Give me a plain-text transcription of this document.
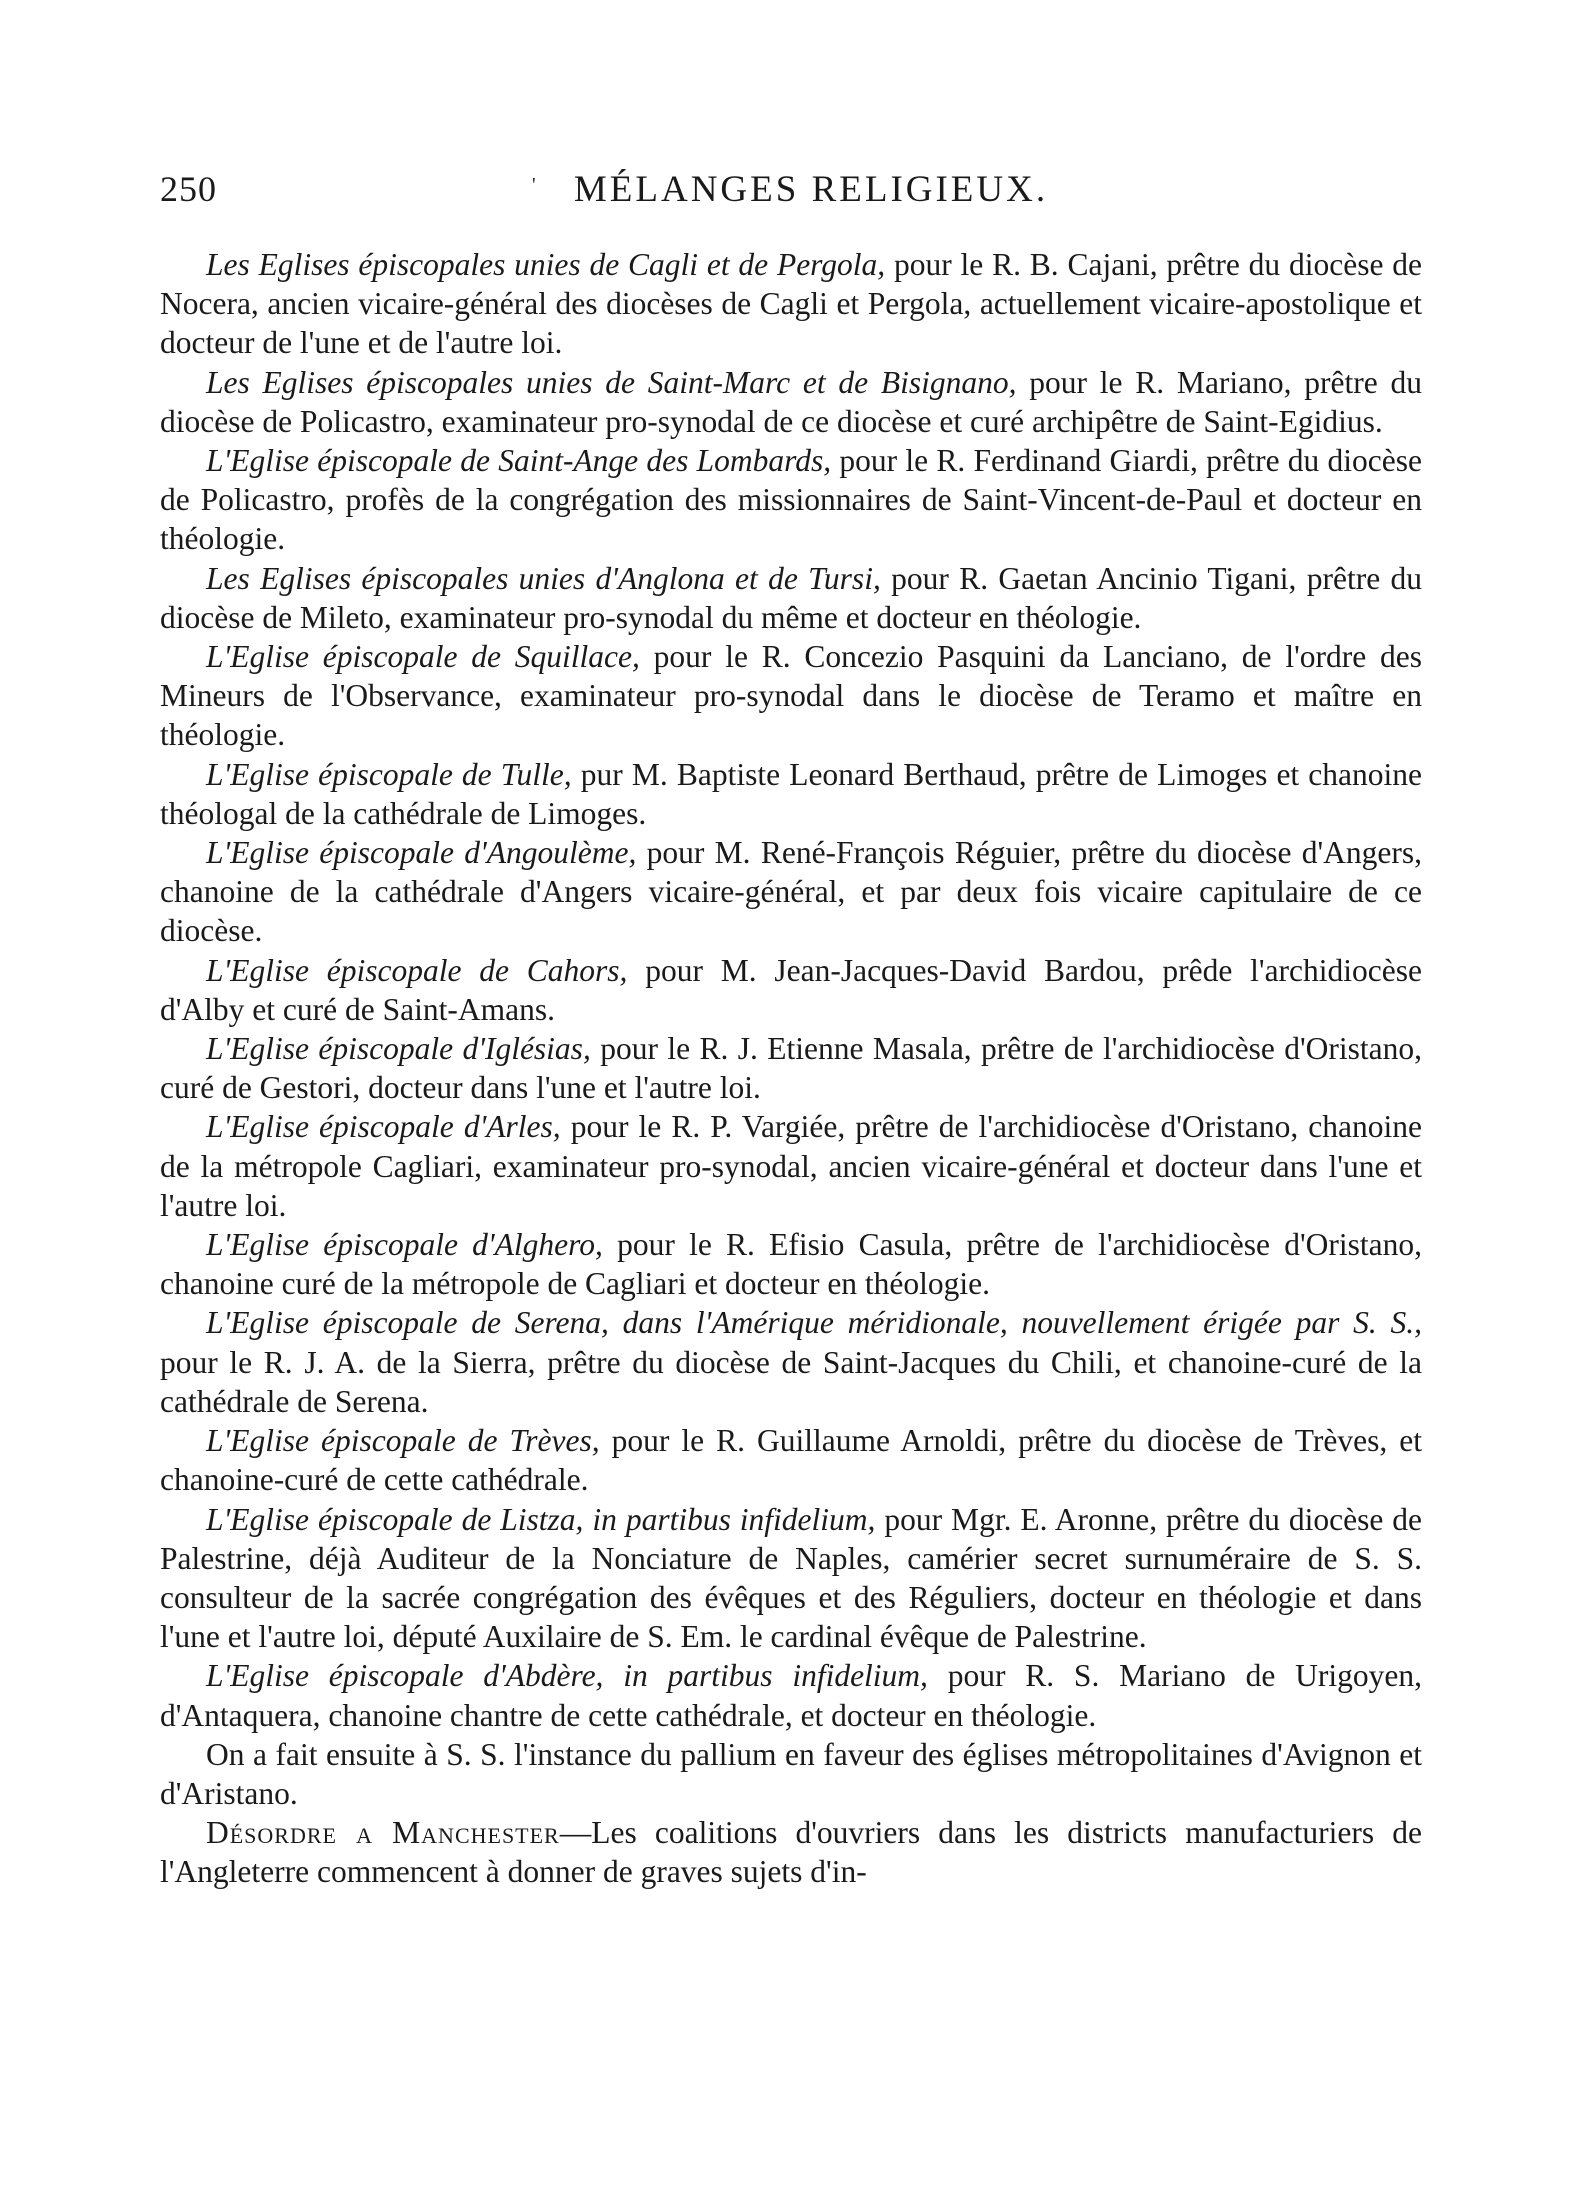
250	'	MÉLANGES RELIGIEUX.

Les Eglises épiscopales unies de Cagli et de Pergola, pour le R. B. Cajani, prêtre du diocèse de Nocera, ancien vicaire-général des diocèses de Cagli et Pergola, actuellement vicaire-apostolique et docteur de l'une et de l'autre loi.

Les Eglises épiscopales unies de Saint-Marc et de Bisignano, pour le R. Mariano, prêtre du diocèse de Policastro, examinateur pro-synodal de ce diocèse et curé archipêtre de Saint-Egidius.

L'Eglise épiscopale de Saint-Ange des Lombards, pour le R. Ferdinand Giardi, prêtre du diocèse de Policastro, profès de la congrégation des missionnaires de Saint-Vincent-de-Paul et docteur en théologie.

Les Eglises épiscopales unies d'Anglona et de Tursi, pour R. Gaetan Ancinio Tigani, prêtre du diocèse de Mileto, examinateur pro-synodal du même et docteur en théologie.

L'Eglise épiscopale de Squillace, pour le R. Concezio Pasquini da Lanciano, de l'ordre des Mineurs de l'Observance, examinateur pro-synodal dans le diocèse de Teramo et maître en théologie.

L'Eglise épiscopale de Tulle, pur M. Baptiste Leonard Berthaud, prêtre de Limoges et chanoine théologal de la cathédrale de Limoges.

L'Eglise épiscopale d'Angoulème, pour M. René-François Réguier, prêtre du diocèse d'Angers, chanoine de la cathédrale d'Angers vicaire-général, et par deux fois vicaire capitulaire de ce diocèse.

L'Eglise épiscopale de Cahors, pour M. Jean-Jacques-David Bardou, prêde l'archidiocèse d'Alby et curé de Saint-Amans.

L'Eglise épiscopale d'Iglésias, pour le R. J. Etienne Masala, prêtre de l'archidiocèse d'Oristano, curé de Gestori, docteur dans l'une et l'autre loi.

L'Eglise épiscopale d'Arles, pour le R. P. Vargiée, prêtre de l'archidiocèse d'Oristano, chanoine de la métropole Cagliari, examinateur pro-synodal, ancien vicaire-général et docteur dans l'une et l'autre loi.

L'Eglise épiscopale d'Alghero, pour le R. Efisio Casula, prêtre de l'archidiocèse d'Oristano, chanoine curé de la métropole de Cagliari et docteur en théologie.

L'Eglise épiscopale de Serena, dans l'Amérique méridionale, nouvellement érigée par S. S., pour le R. J. A. de la Sierra, prêtre du diocèse de Saint-Jacques du Chili, et chanoine-curé de la cathédrale de Serena.

L'Eglise épiscopale de Trèves, pour le R. Guillaume Arnoldi, prêtre du diocèse de Trèves, et chanoine-curé de cette cathédrale.

L'Eglise épiscopale de Listza, in partibus infidelium, pour Mgr. E. Aronne, prêtre du diocèse de Palestrine, déjà Auditeur de la Nonciature de Naples, camérier secret surnuméraire de S. S. consulteur de la sacrée congrégation des évêques et des Réguliers, docteur en théologie et dans l'une et l'autre loi, député Auxilaire de S. Em. le cardinal évêque de Palestrine.

L'Eglise épiscopale d'Abdère, in partibus infidelium, pour R. S. Mariano de Urigoyen, d'Antaquera, chanoine chantre de cette cathédrale, et docteur en théologie.

On a fait ensuite à S. S. l'instance du pallium en faveur des églises métropolitaines d'Avignon et d'Aristano.

Désordre a Manchester—Les coalitions d'ouvriers dans les districts manufacturiers de l'Angleterre commencent à donner de graves sujets d'in-
